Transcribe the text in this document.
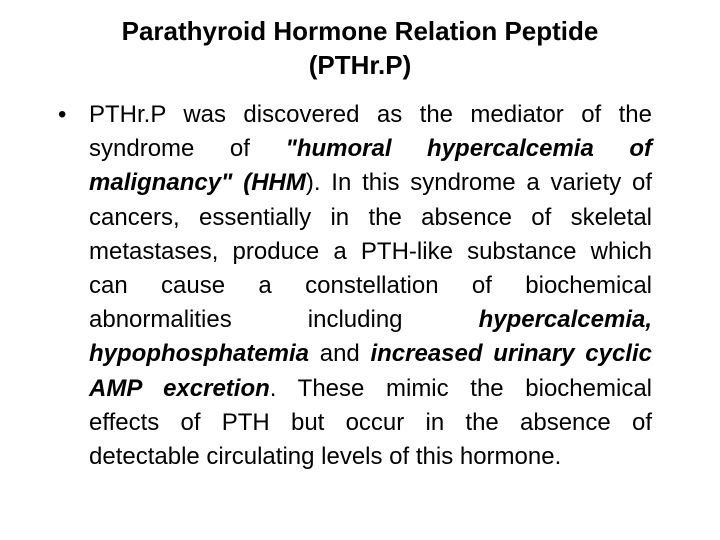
Parathyroid Hormone Relation Peptide
(PTHr.P)
• PTHr.P was discovered as the mediator of the syndrome of "humoral hypercalcemia of malignancy" (HHM). In this syndrome a variety of cancers, essentially in the absence of skeletal metastases, produce a PTH-like substance which can cause a constellation of biochemical abnormalities including hypercalcemia, hypophosphatemia and increased urinary cyclic AMP excretion. These mimic the biochemical effects of PTH but occur in the absence of detectable circulating levels of this hormone.
